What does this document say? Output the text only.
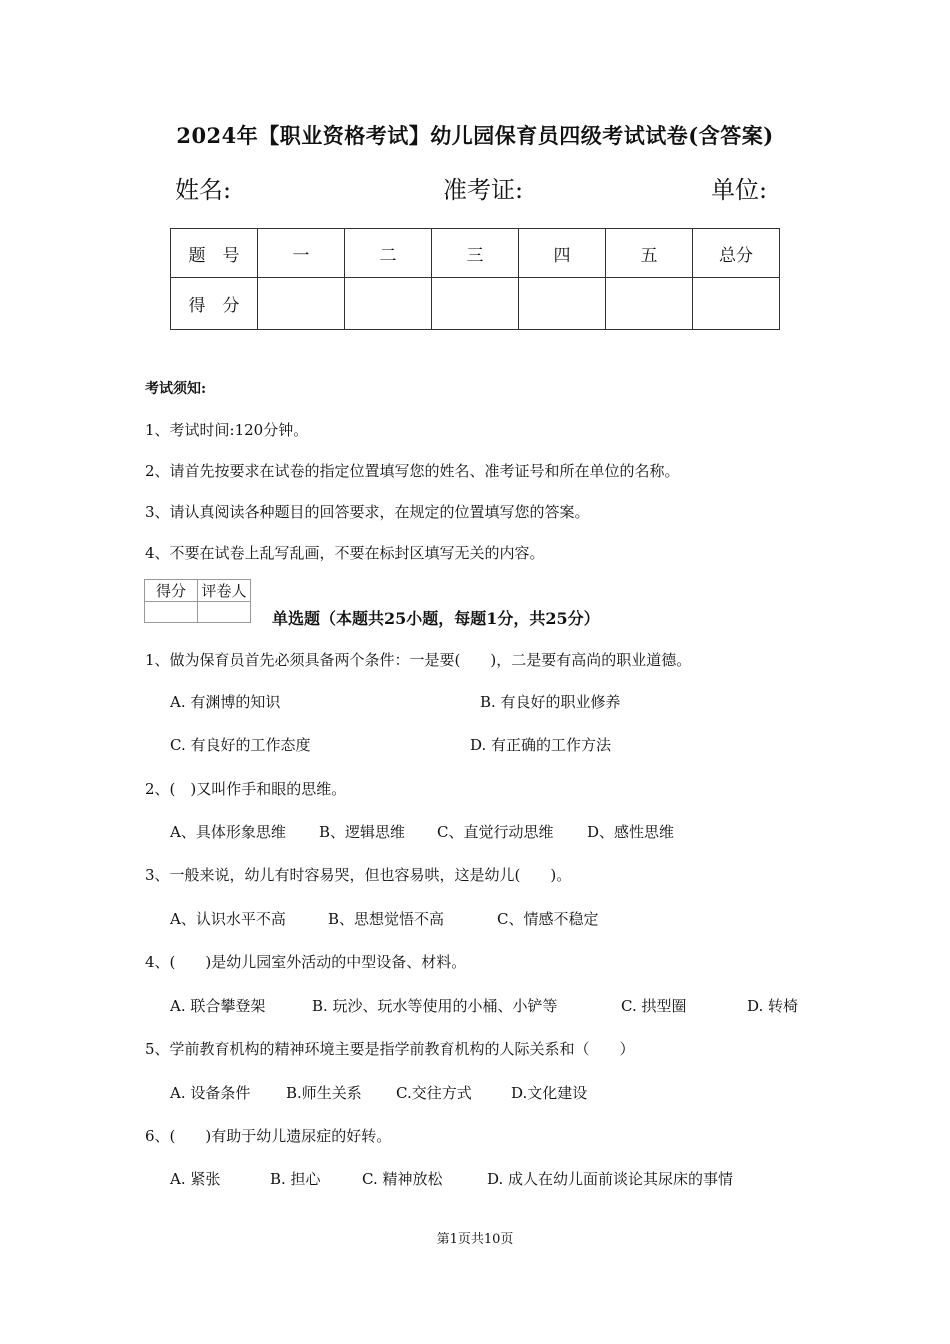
2024年【职业资格考试】幼儿园保育员四级考试试卷(含答案)
姓名:	准考证:	单位:
题　号	一	二	三	四	五	总分
得　分						
考试须知:
1、考试时间:120分钟。
2、请首先按要求在试卷的指定位置填写您的姓名、准考证号和所在单位的名称。
3、请认真阅读各种题目的回答要求，在规定的位置填写您的答案。
4、不要在试卷上乱写乱画，不要在标封区填写无关的内容。
得分	评卷人

单选题（本题共25小题，每题1分，共25分）
1、做为保育员首先必须具备两个条件：一是要(　　)，二是要有高尚的职业道德。
A. 有渊博的知识	B. 有良好的职业修养
C. 有良好的工作态度	D. 有正确的工作方法
2、(　)又叫作手和眼的思维。
A、具体形象思维 B、逻辑思维 C、直觉行动思维 D、感性思维
3、一般来说，幼儿有时容易哭，但也容易哄，这是幼儿(　　)。
A、认识水平不高	B、思想觉悟不高	C、情感不稳定
4、(　　)是幼儿园室外活动的中型设备、材料。
A. 联合攀登架	B. 玩沙、玩水等使用的小桶、小铲等	C. 拱型圈	D. 转椅
5、学前教育机构的精神环境主要是指学前教育机构的人际关系和（　　）
A. 设备条件 B.师生关系 C.交往方式	D.文化建设
6、(　　)有助于幼儿遗尿症的好转。
A. 紧张	B. 担心	C. 精神放松	D. 成人在幼儿面前谈论其尿床的事情
第1页共10页
